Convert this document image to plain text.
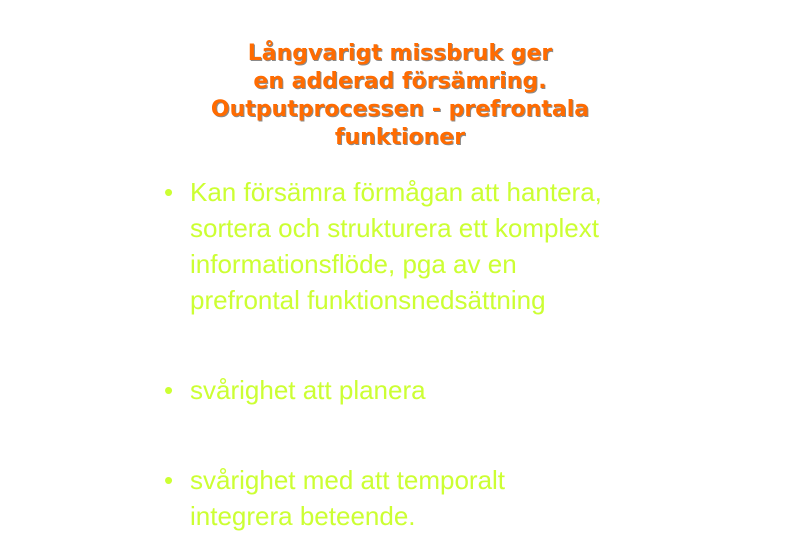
Långvarigt missbruk ger
en adderad försämring.
Outputprocessen - prefrontala
funktioner
• Kan försämra förmågan att hantera,
sortera och strukturera ett komplext
informationsflöde, pga av en
prefrontal funktionsnedsättning
• svårighet att planera
• svårighet med att temporalt
integrera beteende.
